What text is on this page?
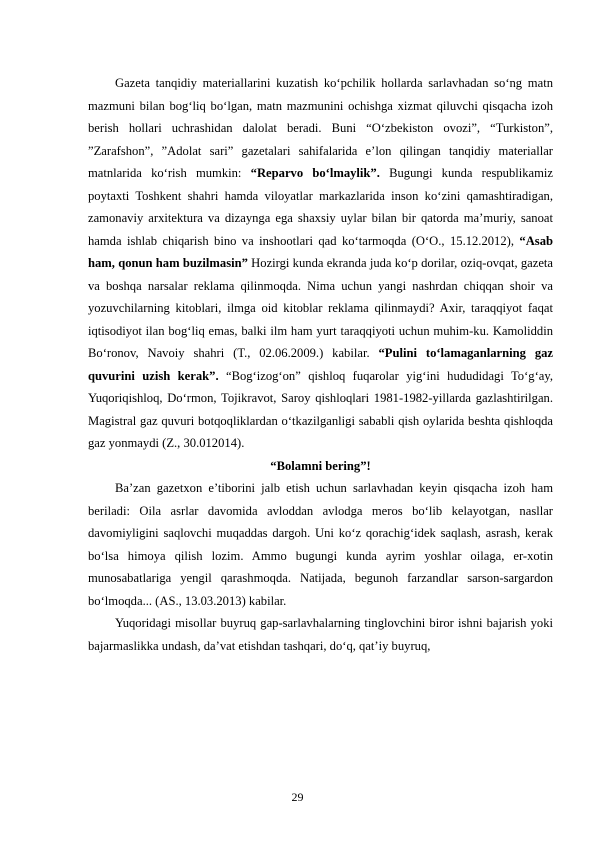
Gazeta tanqidiy materiallarini kuzatish ko‘pchilik hollarda sarlavhadan so‘ng matn mazmuni bilan bog‘liq bo‘lgan, matn mazmunini ochishga xizmat qiluvchi qisqacha izoh berish hollari uchrashidan dalolat beradi. Buni “O‘zbekiston ovozi”, “Turkiston”, ”Zarafshon”, ”Adolat sari” gazetalari sahifalarida e’lon qilingan tanqidiy materiallar matnlarida ko‘rish mumkin: “Reparvo bo‘lmaylik”. Bugungi kunda respublikamiz poytaxti Toshkent shahri hamda viloyatlar markazlarida inson ko‘zini qamashtiradigan, zamonaviy arxitektura va dizaynga ega shaxsiy uylar bilan bir qatorda ma’muriy, sanoat hamda ishlab chiqarish bino va inshootlari qad ko‘tarmoqda (O‘O., 15.12.2012), “Asab ham, qonun ham buzilmasin” Hozirgi kunda ekranda juda ko‘p dorilar, oziq-ovqat, gazeta va boshqa narsalar reklama qilinmoqda. Nima uchun yangi nashrdan chiqqan shoir va yozuvchilarning kitoblari, ilmga oid kitoblar reklama qilinmaydi? Axir, taraqqiyot faqat iqtisodiyot ilan bog‘liq emas, balki ilm ham yurt taraqqiyoti uchun muhim-ku. Kamoliddin Bo‘ronov, Navoiy shahri (T., 02.06.2009.) kabilar. “Pulini to‘lamaganlarning gaz quvurini uzish kerak”. “Bog‘izog‘on” qishloq fuqarolar yig‘ini hududidagi To‘g‘ay, Yuqoriqishloq, Do‘rmon, Tojikravot, Saroy qishloqlari 1981-1982-yillarda gazlashtirilgan. Magistral gaz quvuri botqoqliklardan o‘tkazilganligi sababli qish oylarida beshta qishloqda gaz yonmaydi (Z., 30.012014).

“Bolamni bering”!

Ba’zan gazetxon e’tiborini jalb etish uchun sarlavhadan keyin qisqacha izoh ham beriladi: Oila asrlar davomida avloddan avlodga meros bo‘lib kelayotgan, nasllar davomiyligini saqlovchi muqaddas dargoh. Uni ko‘z qorachig‘idek saqlash, asrash, kerak bo‘lsa himoya qilish lozim. Ammo bugungi kunda ayrim yoshlar oilaga, er-xotin munosabatlariga yengil qarashmoqda. Natijada, begunoh farzandlar sarson-sargardon bo‘lmoqda... (AS., 13.03.2013) kabilar.

Yuqoridagi misollar buyruq gap-sarlavhalarning tinglovchini biror ishni bajarish yoki bajarmaslikka undash, da’vat etishdan tashqari, do‘q, qat’iy buyruq,

29
